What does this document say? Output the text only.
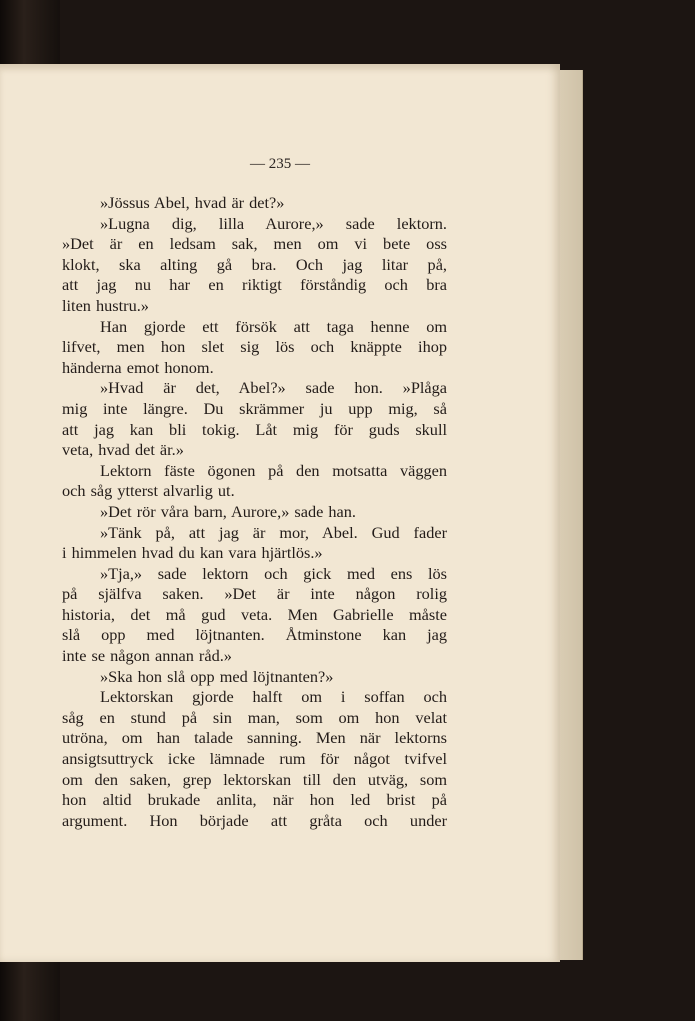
— 235 —
»Jössus Abel, hvad är det?»
»Lugna dig, lilla Aurore,» sade lektorn.
»Det är en ledsam sak, men om vi bete oss
klokt, ska alting gå bra. Och jag litar på,
att jag nu har en riktigt förståndig och bra
liten hustru.»
Han gjorde ett försök att taga henne om
lifvet, men hon slet sig lös och knäppte ihop
händerna emot honom.
»Hvad är det, Abel?» sade hon. »Plåga
mig inte längre. Du skrämmer ju upp mig, så
att jag kan bli tokig. Låt mig för guds skull
veta, hvad det är.»
Lektorn fäste ögonen på den motsatta väggen
och såg ytterst alvarlig ut.
»Det rör våra barn, Aurore,» sade han.
»Tänk på, att jag är mor, Abel. Gud fader
i himmelen hvad du kan vara hjärtlös.»
»Tja,» sade lektorn och gick med ens lös
på själfva saken. »Det är inte någon rolig
historia, det må gud veta. Men Gabrielle måste
slå opp med löjtnanten. Åtminstone kan jag
inte se någon annan råd.»
»Ska hon slå opp med löjtnanten?»
Lektorskan gjorde halft om i soffan och
såg en stund på sin man, som om hon velat
utröna, om han talade sanning. Men när lektorns
ansigtsuttryck icke lämnade rum för något tvifvel
om den saken, grep lektorskan till den utväg, som
hon altid brukade anlita, när hon led brist på
argument. Hon började att gråta och under
